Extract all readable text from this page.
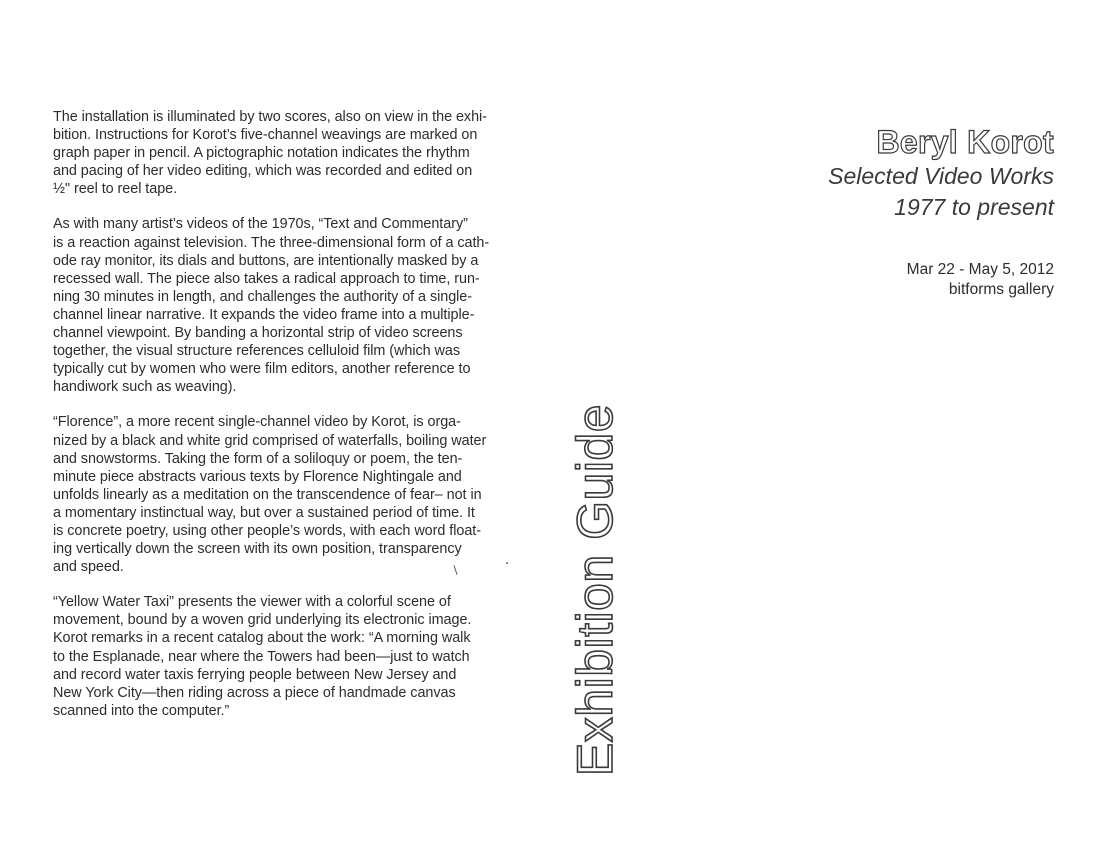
The installation is illuminated by two scores, also on view in the exhi-
bition. Instructions for Korot’s five-channel weavings are marked on
graph paper in pencil. A pictographic notation indicates the rhythm
and pacing of her video editing, which was recorded and edited on
½" reel to reel tape.

As with many artist’s videos of the 1970s, “Text and Commentary”
is a reaction against television. The three-dimensional form of a cath-
ode ray monitor, its dials and buttons, are intentionally masked by a
recessed wall. The piece also takes a radical approach to time, run-
ning 30 minutes in length, and challenges the authority of a single-
channel linear narrative. It expands the video frame into a multiple-
channel viewpoint. By banding a horizontal strip of video screens
together, the visual structure references celluloid film (which was
typically cut by women who were film editors, another reference to
handiwork such as weaving).

“Florence”, a more recent single-channel video by Korot, is orga-
nized by a black and white grid comprised of waterfalls, boiling water
and snowstorms. Taking the form of a soliloquy or poem, the ten-
minute piece abstracts various texts by Florence Nightingale and
unfolds linearly as a meditation on the transcendence of fear– not in
a momentary instinctual way, but over a sustained period of time. It
is concrete poetry, using other people’s words, with each word float-
ing vertically down the screen with its own position, transparency
and speed.

“Yellow Water Taxi” presents the viewer with a colorful scene of
movement, bound by a woven grid underlying its electronic image.
Korot remarks in a recent catalog about the work: “A morning walk
to the Esplanade, near where the Towers had been—just to watch
and record water taxis ferrying people between New Jersey and
New York City—then riding across a piece of handmade canvas
scanned into the computer.”	Exhibition Guide
Beryl Korot

Selected Video Works

1977 to present

Mar 22 - May 5, 2012

bitforms gallery
